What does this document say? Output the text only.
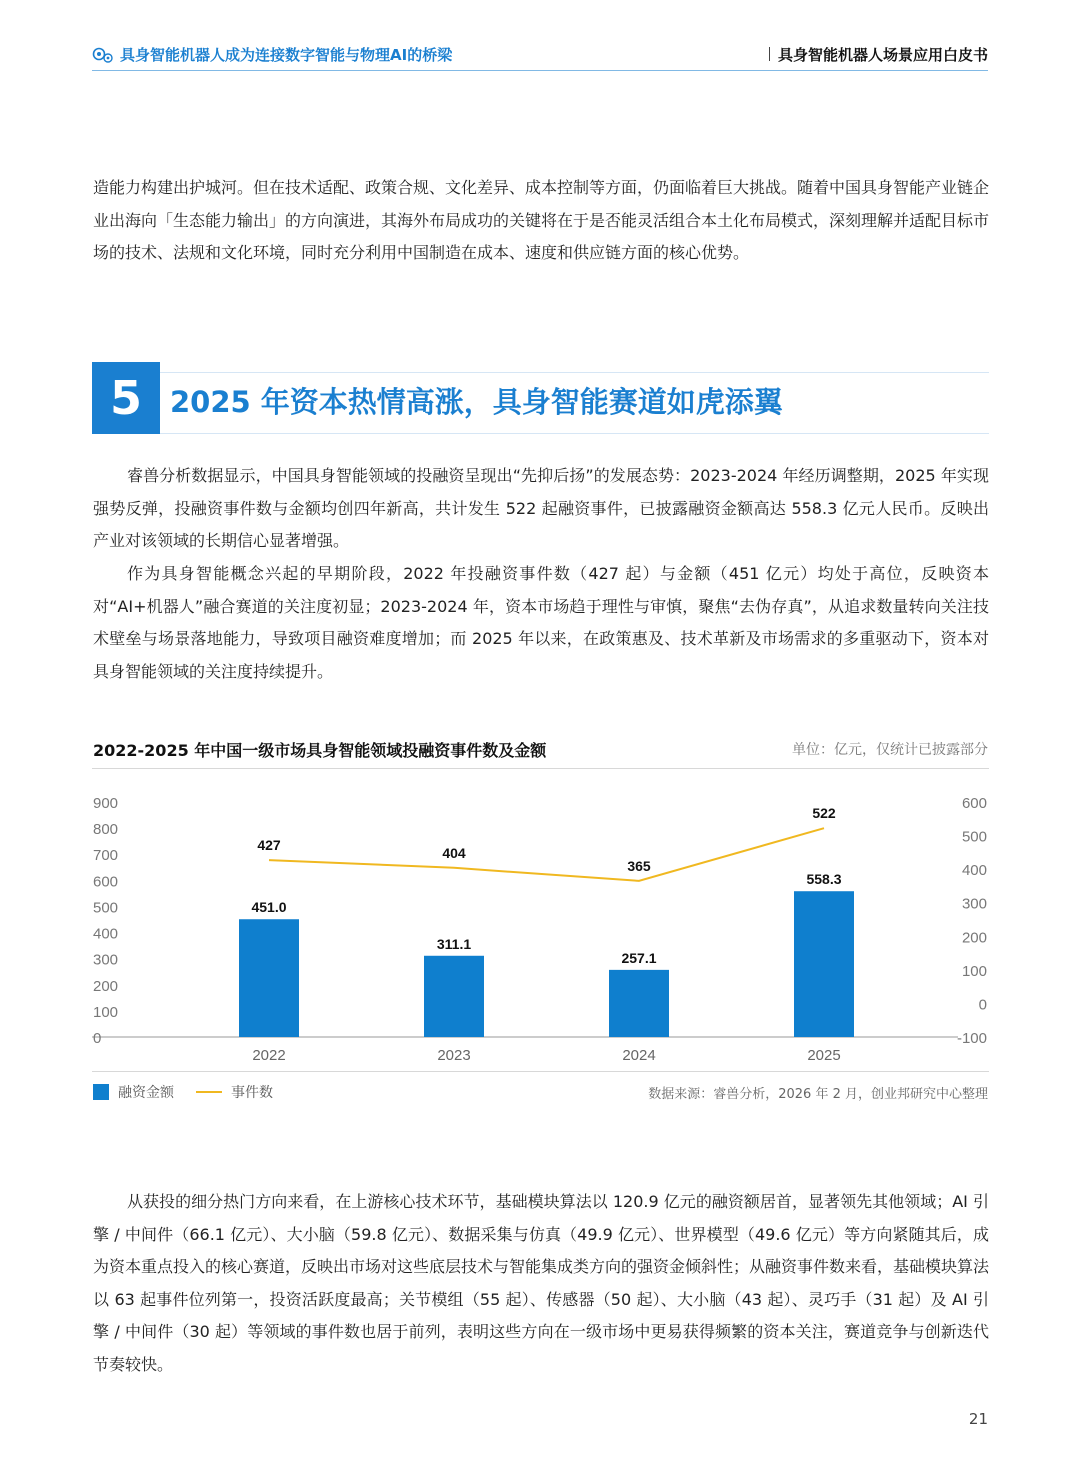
具身智能机器人成为连接数字智能与物理AI的桥梁	具身智能机器人场景应用白皮书

造能力构建出护城河。但在技术适配、政策合规、文化差异、成本控制等方面，仍面临着巨大挑战。随着中国具身智能产业链企业出海向「生态能力输出」的方向演进，其海外布局成功的关键将在于是否能灵活组合本土化布局模式，深刻理解并适配目标市场的技术、法规和文化环境，同时充分利用中国制造在成本、速度和供应链方面的核心优势。

5 2025 年资本热情高涨，具身智能赛道如虎添翼

睿兽分析数据显示，中国具身智能领域的投融资呈现出“先抑后扬”的发展态势：2023-2024 年经历调整期，2025 年实现强势反弹，投融资事件数与金额均创四年新高，共计发生 522 起融资事件，已披露融资金额高达 558.3 亿元人民币。反映出产业对该领域的长期信心显著增强。

作为具身智能概念兴起的早期阶段，2022 年投融资事件数（427 起）与金额（451 亿元）均处于高位，反映资本对“AI+机器人”融合赛道的关注度初显；2023-2024 年，资本市场趋于理性与审慎，聚焦“去伪存真”，从追求数量转向关注技术壁垒与场景落地能力，导致项目融资难度增加；而 2025 年以来，在政策惠及、技术革新及市场需求的多重驱动下，资本对具身智能领域的关注度持续提升。

2022-2025 年中国一级市场具身智能领域投融资事件数及金额	单位：亿元，仅统计已披露部分
0
100
200
300
400
500
600
700
800
900
-100
0
100
200
300
400
500
600
2022	2023	2024	2025
451.0
311.1
257.1
558.3
427	404
365
522
融资金额	事件数	数据来源：睿兽分析，2026 年 2 月，创业邦研究中心整理

从获投的细分热门方向来看，在上游核心技术环节，基础模块算法以 120.9 亿元的融资额居首，显著领先其他领域；AI 引擎 / 中间件（66.1 亿元）、大小脑（59.8 亿元）、数据采集与仿真（49.9 亿元）、世界模型（49.6 亿元）等方向紧随其后，成为资本重点投入的核心赛道，反映出市场对这些底层技术与智能集成类方向的强资金倾斜性；从融资事件数来看，基础模块算法以 63 起事件位列第一，投资活跃度最高；关节模组（55 起）、传感器（50 起）、大小脑（43 起）、灵巧手（31 起）及 AI 引擎 / 中间件（30 起）等领域的事件数也居于前列，表明这些方向在一级市场中更易获得频繁的资本关注，赛道竞争与创新迭代节奏较快。

21
